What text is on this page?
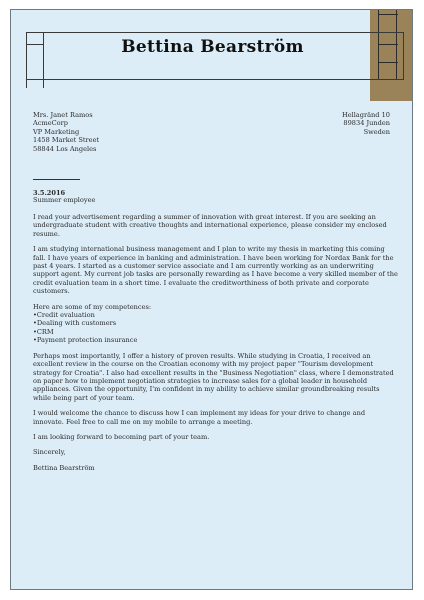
Bettina Bearström
Mrs. Janet Ramos
AcmeCorp
VP Marketing
1458 Market Street
58844 Los Angeles
Hellagränd 10
89834 Junden
Sweden
3.5.2016
Summer employee

I read your advertisement regarding a summer of innovation with great interest. If you are seeking an undergraduate student with creative thoughts and international experience, please consider my enclosed resume.

I am studying international business management and I plan to write my thesis in marketing this coming fall. I have years of experience in banking and administration. I have been working for Nordax Bank for the past 4 years. I started as a customer service associate and I am currently working as an underwriting support agent. My current job tasks are personally rewarding as I have become a very skilled member of the credit evaluation team in a short time. I evaluate the creditworthiness of both private and corporate customers.

Here are some of my competences:
• Credit evaluation
• Dealing with customers
• CRM
• Payment protection insurance

Perhaps most importantly, I offer a history of proven results. While studying in Croatia, I received an excellent review in the course on the Croatian economy with my project paper "Tourism development strategy for Croatia". I also had excellent results in the "Business Negotiation" class, where I demonstrated on paper how to implement negotiation strategies to increase sales for a global leader in household appliances. Given the opportunity, I'm confident in my ability to achieve similar groundbreaking results while being part of your team.

I would welcome the chance to discuss how I can implement my ideas for your drive to change and innovate. Feel free to call me on my mobile to arrange a meeting.

I am looking forward to becoming part of your team.

Sincerely,

Bettina Bearström
